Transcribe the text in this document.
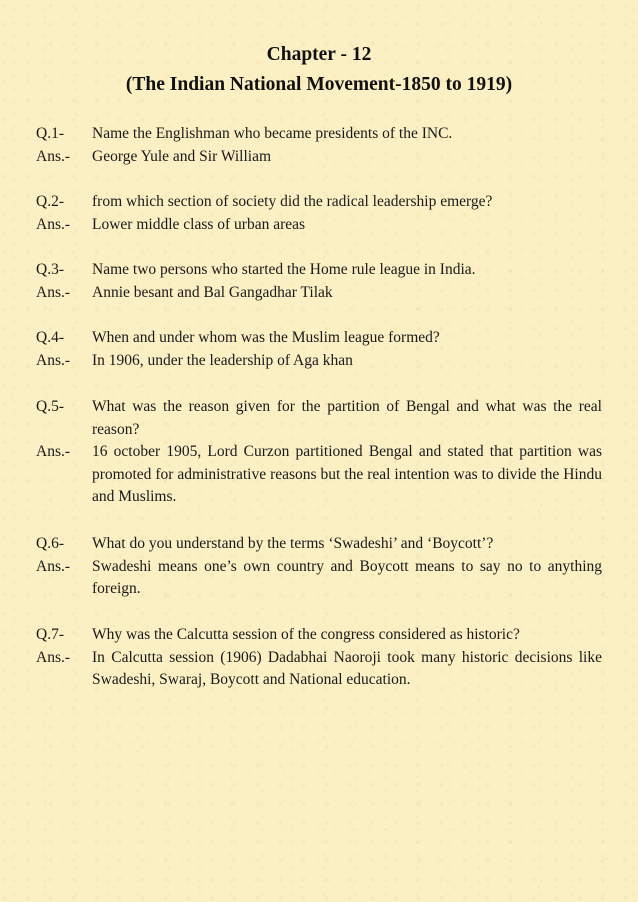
Chapter - 12
(The Indian National Movement-1850 to 1919)
Q.1-	Name the Englishman who became presidents of the INC.
Ans.-	George Yule and Sir William
Q.2-	from which section of society did the radical leadership emerge?
Ans.-	Lower middle class of urban areas
Q.3-	Name two persons who started the Home rule league in India.
Ans.-	Annie besant and Bal Gangadhar Tilak
Q.4-	When and under whom was the Muslim league formed?
Ans.-	In 1906, under the leadership of Aga khan
Q.5-	What was the reason given for the partition of Bengal and what was the real reason?
Ans.-	16 october 1905, Lord Curzon partitioned Bengal and stated that partition was promoted for administrative reasons but the real intention was to divide the Hindu and Muslims.
Q.6-	What do you understand by the terms ‘Swadeshi’ and ‘Boycott’?
Ans.-	Swadeshi means one’s own country and Boycott means to say no to anything foreign.
Q.7-	Why was the Calcutta session of the congress considered as historic?
Ans.-	In Calcutta session (1906) Dadabhai Naoroji took many historic decisions like Swadeshi, Swaraj, Boycott and National education.
